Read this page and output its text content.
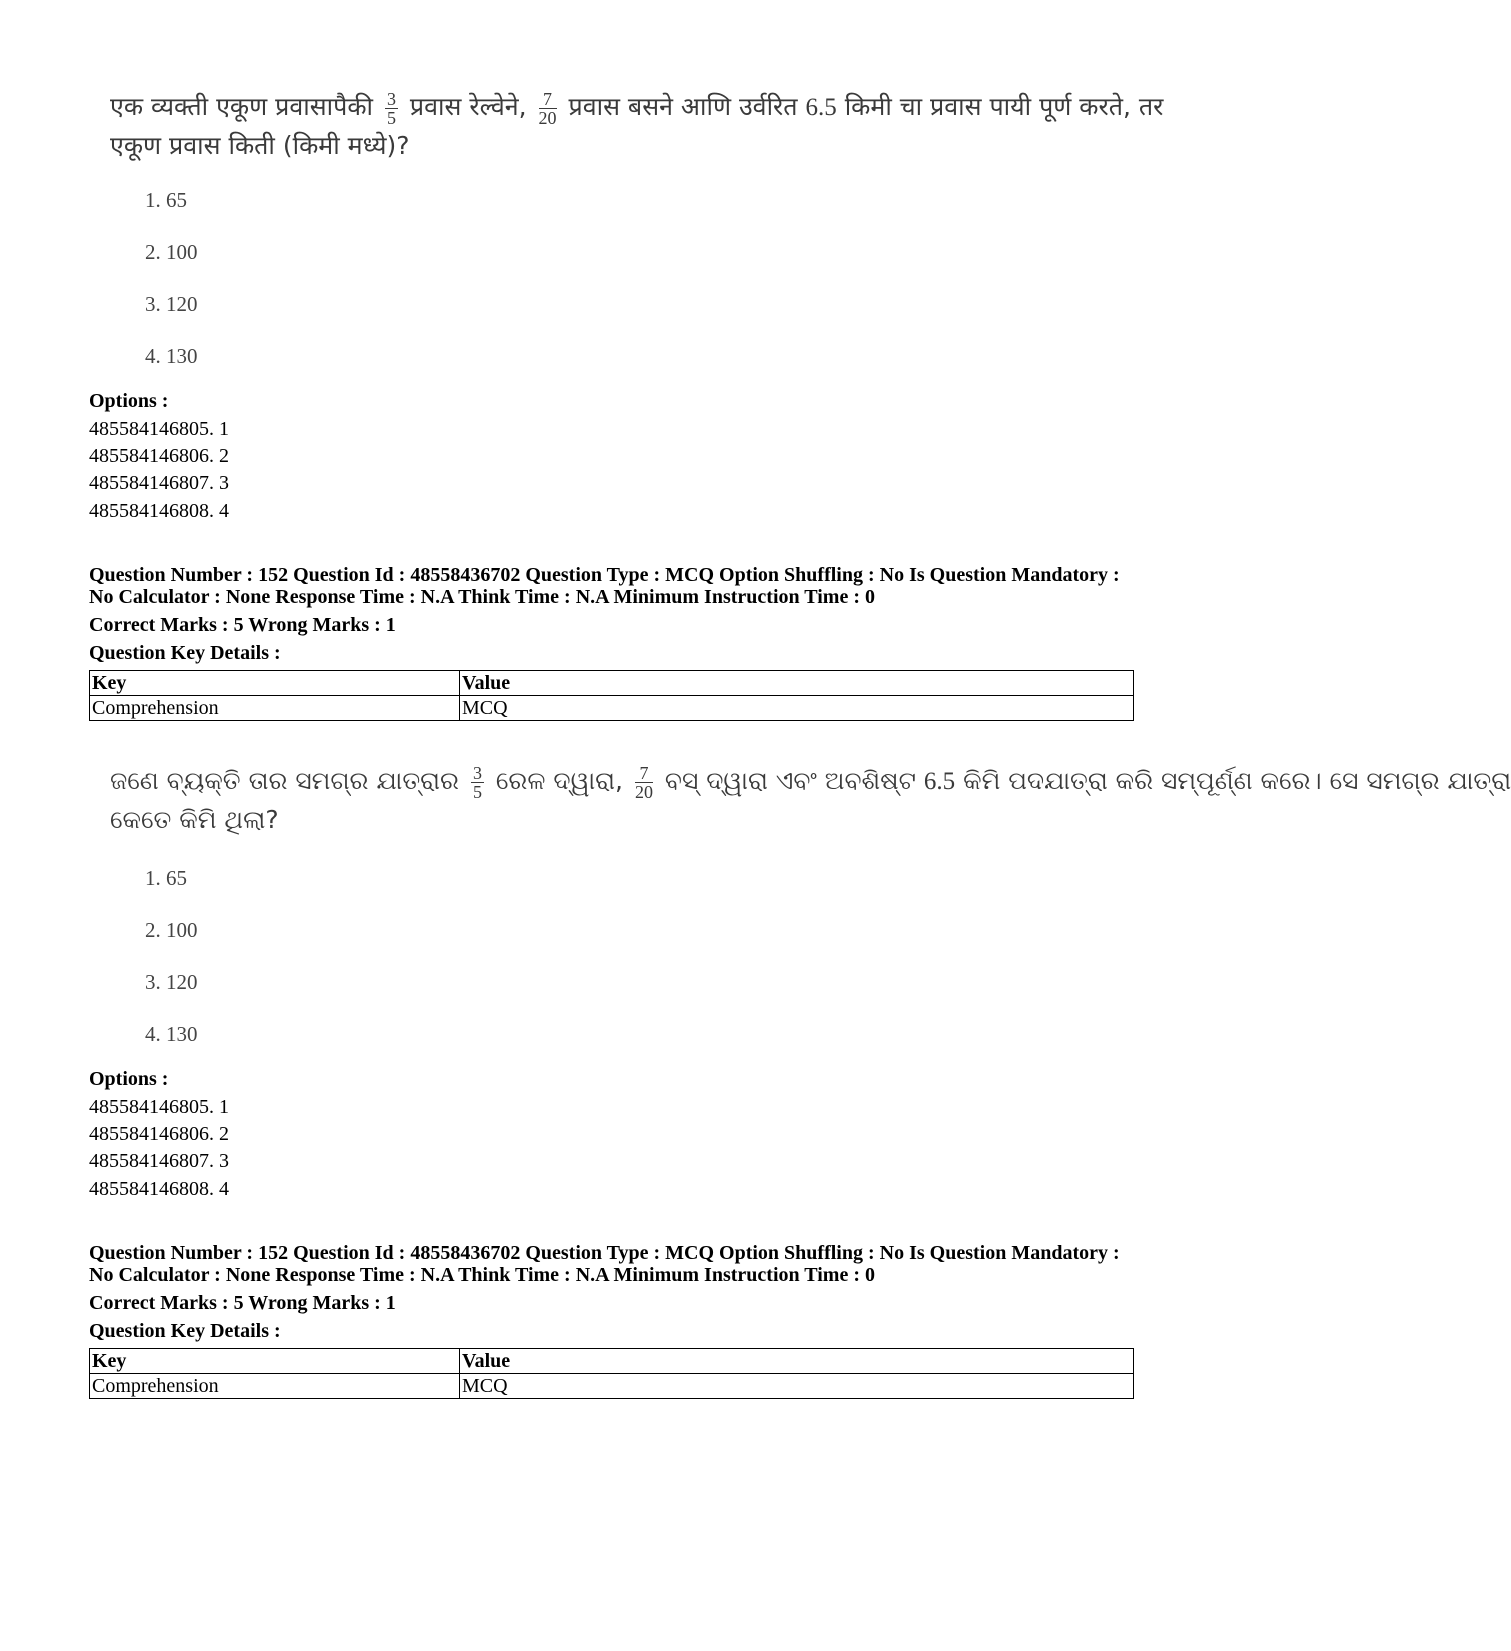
एक व्यक्ती एकूण प्रवासापैकी $\frac{3}{5}$ प्रवास रेल्वेने, $\frac{7}{20}$ प्रवास बसने आणि उर्वरित 6.5 किमी चा प्रवास पायी पूर्ण करते, तर
एकूण प्रवास किती (किमी मध्ये)?
1. 65
2. 100
3. 120
4. 130
Options :
485584146805. 1
485584146806. 2
485584146807. 3
485584146808. 4
Question Number : 152 Question Id : 48558436702 Question Type : MCQ Option Shuffling : No Is Question Mandatory :
No Calculator : None Response Time : N.A Think Time : N.A Minimum Instruction Time : 0
Correct Marks : 5 Wrong Marks : 1
Question Key Details :
Key	Value
Comprehension	MCQ
ଜଣେ ବ୍ୟକ୍ତି ତାର ସମଗ୍ର ଯାତ୍ରାର $\frac{3}{5}$ ରେଳ ଦ୍ୱାରା, $\frac{7}{20}$ ବସ୍ ଦ୍ୱାରା ଏବଂ ଅବଶିଷ୍ଟ 6.5 କିମି ପଦଯାତ୍ରା କରି ସମ୍ପୂର୍ଣ୍ଣ କରେ। ସେ ସମଗ୍ର ଯାତ୍ରା
କେତେ କିମି ଥିଲା?
1. 65
2. 100
3. 120
4. 130
Options :
485584146805. 1
485584146806. 2
485584146807. 3
485584146808. 4
Question Number : 152 Question Id : 48558436702 Question Type : MCQ Option Shuffling : No Is Question Mandatory :
No Calculator : None Response Time : N.A Think Time : N.A Minimum Instruction Time : 0
Correct Marks : 5 Wrong Marks : 1
Question Key Details :
Key	Value
Comprehension	MCQ
